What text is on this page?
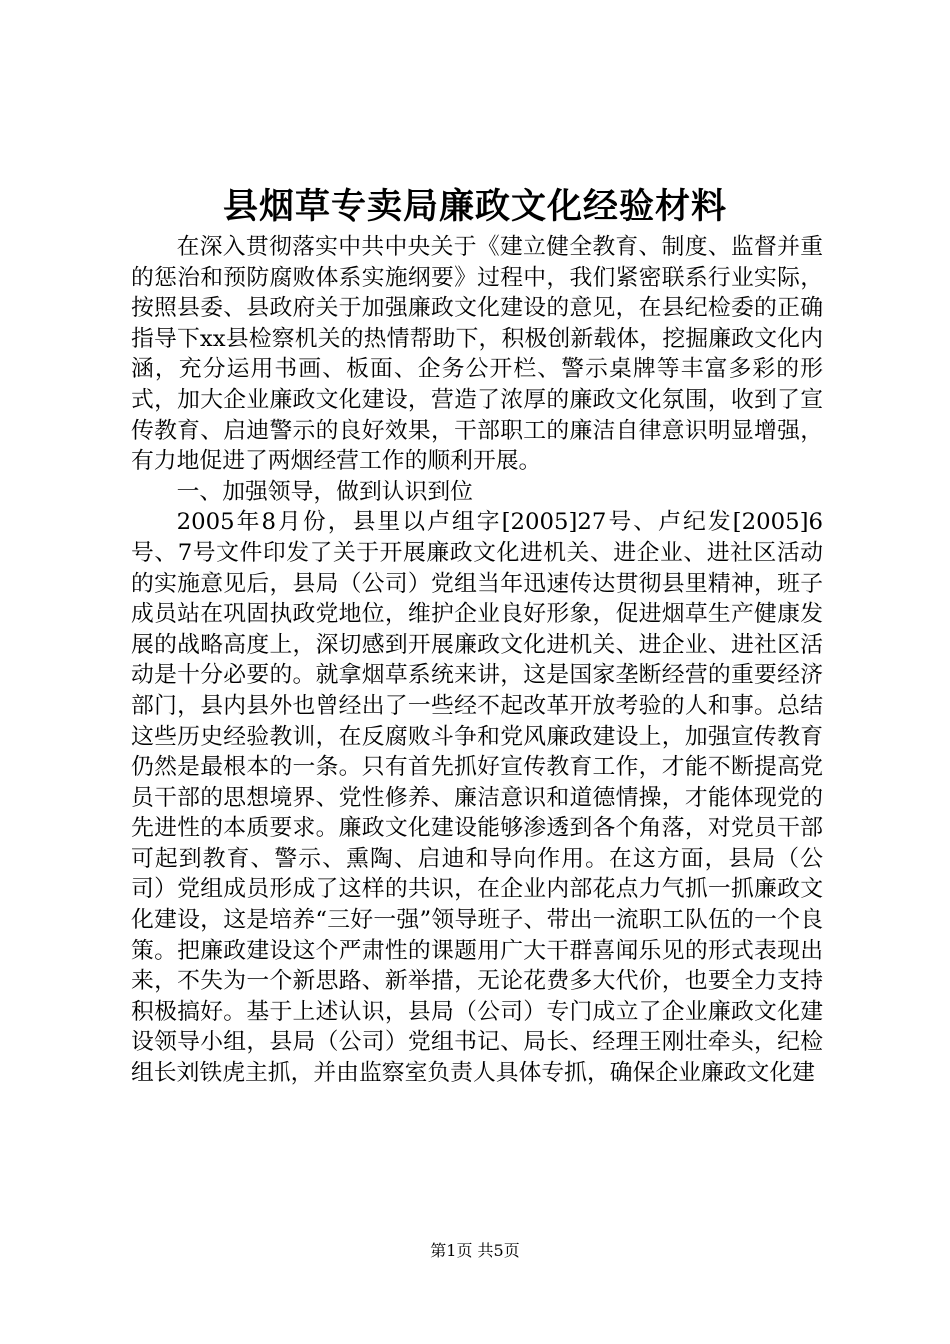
县烟草专卖局廉政文化经验材料

在深入贯彻落实中共中央关于《建立健全教育、制度、监督并重的惩治和预防腐败体系实施纲要》过程中，我们紧密联系行业实际，按照县委、县政府关于加强廉政文化建设的意见，在县纪检委的正确指导下xx县检察机关的热情帮助下，积极创新载体，挖掘廉政文化内涵，充分运用书画、板面、企务公开栏、警示桌牌等丰富多彩的形式，加大企业廉政文化建设，营造了浓厚的廉政文化氛围，收到了宣传教育、启迪警示的良好效果，干部职工的廉洁自律意识明显增强，有力地促进了两烟经营工作的顺利开展。

一、加强领导，做到认识到位

2005年8月份，县里以卢组字[2005]27号、卢纪发[2005]6号、7号文件印发了关于开展廉政文化进机关、进企业、进社区活动的实施意见后，县局（公司）党组当年迅速传达贯彻县里精神，班子成员站在巩固执政党地位，维护企业良好形象，促进烟草生产健康发展的战略高度上，深切感到开展廉政文化进机关、进企业、进社区活动是十分必要的。就拿烟草系统来讲，这是国家垄断经营的重要经济部门，县内县外也曾经出了一些经不起改革开放考验的人和事。总结这些历史经验教训，在反腐败斗争和党风廉政建设上，加强宣传教育仍然是最根本的一条。只有首先抓好宣传教育工作，才能不断提高党员干部的思想境界、党性修养、廉洁意识和道德情操，才能体现党的先进性的本质要求。廉政文化建设能够渗透到各个角落，对党员干部可起到教育、警示、熏陶、启迪和导向作用。在这方面，县局（公司）党组成员形成了这样的共识，在企业内部花点力气抓一抓廉政文化建设，这是培养“三好一强”领导班子、带出一流职工队伍的一个良策。把廉政建设这个严肃性的课题用广大干群喜闻乐见的形式表现出来，不失为一个新思路、新举措，无论花费多大代价，也要全力支持积极搞好。基于上述认识，县局（公司）专门成立了企业廉政文化建设领导小组，县局（公司）党组书记、局长、经理王刚壮牵头，纪检组长刘铁虎主抓，并由监察室负责人具体专抓，确保企业廉政文化建

第1页 共5页
